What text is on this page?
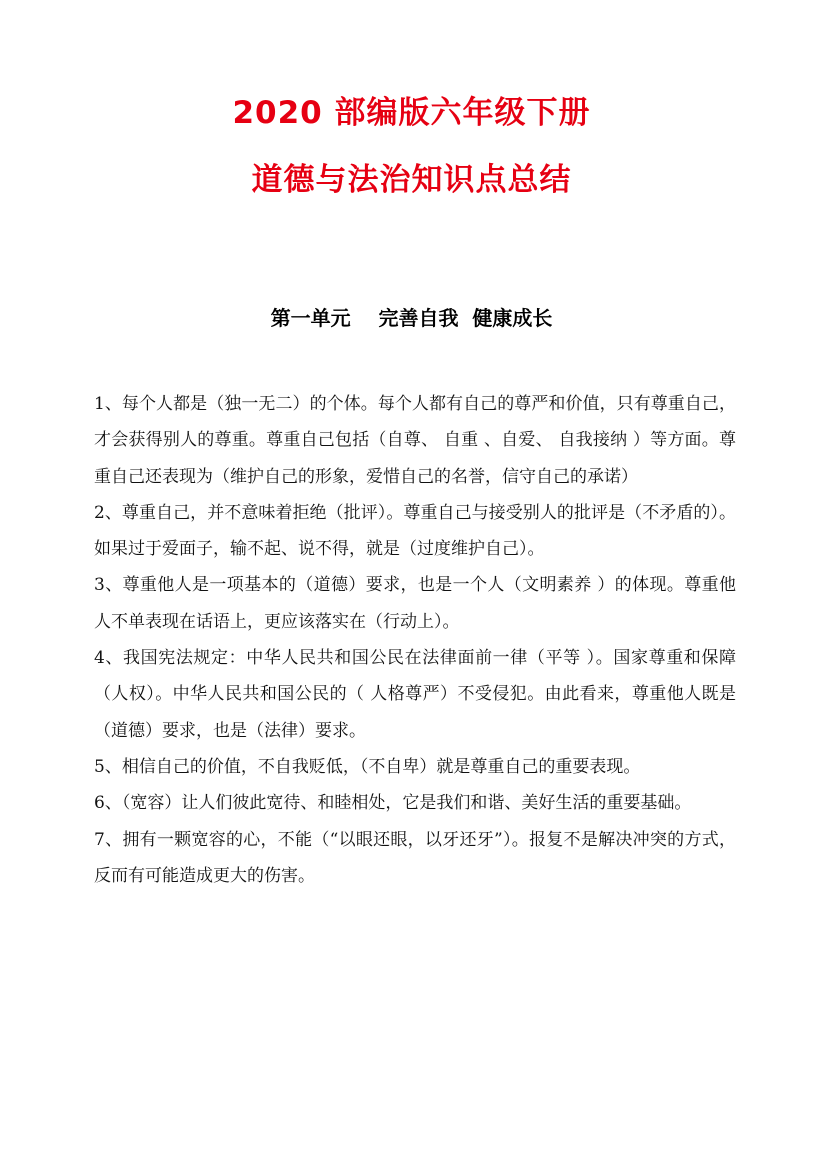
2020 部编版六年级下册
道德与法治知识点总结
第一单元    完善自我  健康成长

1、每个人都是（独一无二）的个体。每个人都有自己的尊严和价值，只有尊重自己，才会获得别人的尊重。尊重自己包括（自尊、 自重 、自爱、 自我接纳 ）等方面。尊重自己还表现为（维护自己的形象，爱惜自己的名誉，信守自己的承诺）

2、尊重自己，并不意味着拒绝（批评）。尊重自己与接受别人的批评是（不矛盾的）。如果过于爱面子，输不起、说不得，就是（过度维护自己）。

3、尊重他人是一项基本的（道德）要求，也是一个人（文明素养 ）的体现。尊重他人不单表现在话语上，更应该落实在（行动上）。

4、我国宪法规定：中华人民共和国公民在法律面前一律（平等 ）。国家尊重和保障（人权）。中华人民共和国公民的（ 人格尊严）不受侵犯。由此看来，尊重他人既是（道德）要求，也是（法律）要求。

5、相信自己的价值，不自我贬低，（不自卑）就是尊重自己的重要表现。

6、（宽容）让人们彼此宽待、和睦相处，它是我们和谐、美好生活的重要基础。

7、拥有一颗宽容的心，不能（“以眼还眼，以牙还牙”）。报复不是解决冲突的方式，反而有可能造成更大的伤害。
